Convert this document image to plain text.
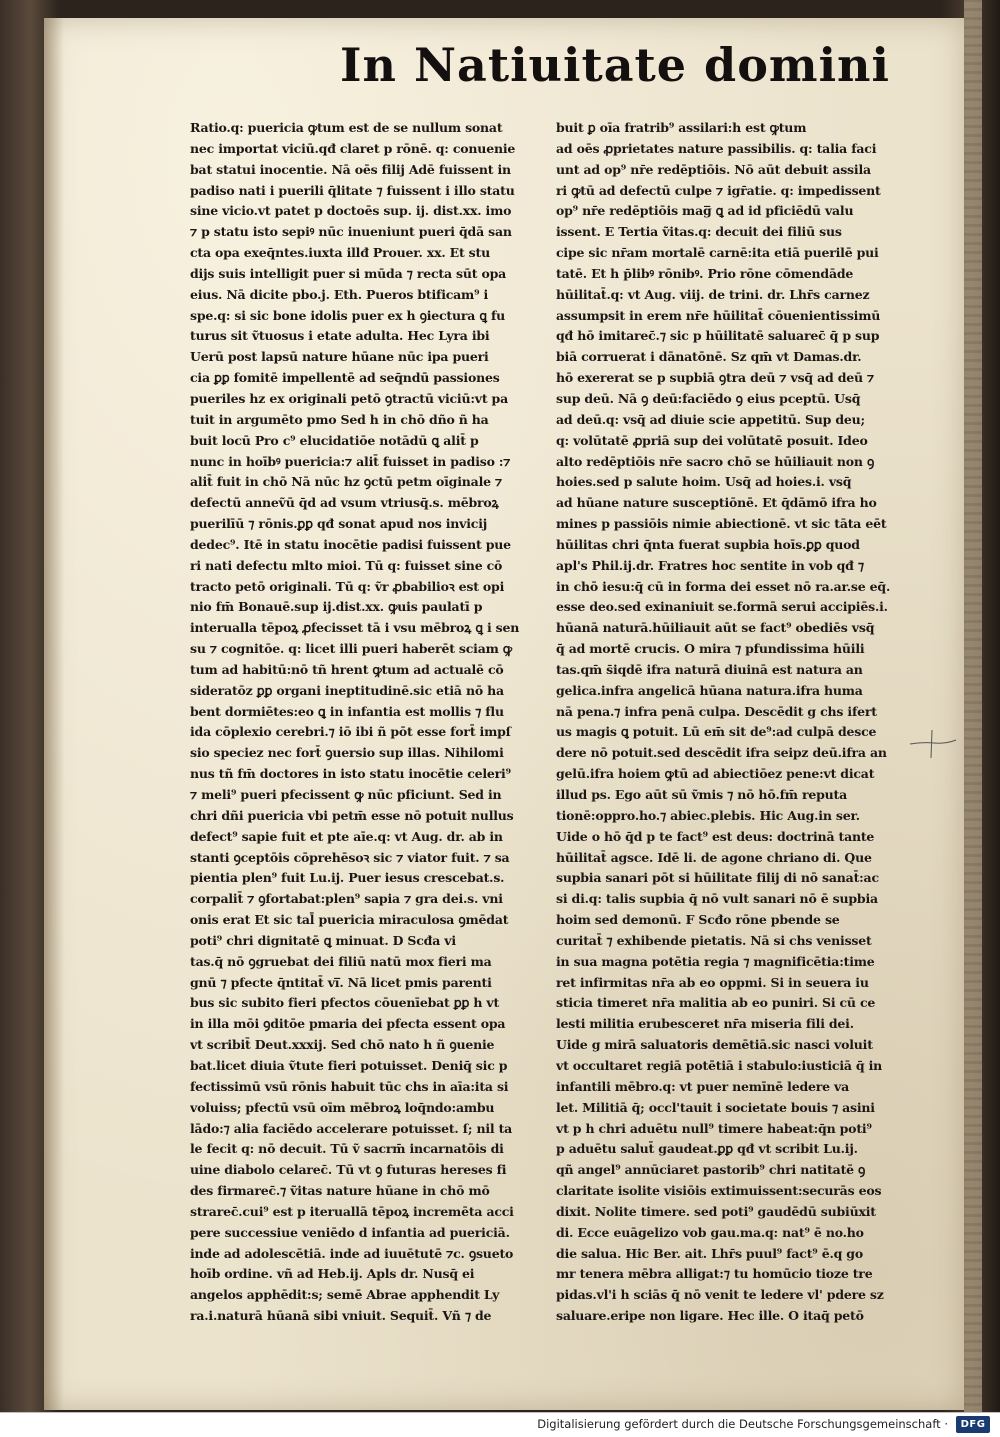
In Natiuitate domini
Ratio.q: puericia ꝙtum est de se nullum sonat
nec importat viciū.qđ claret p rōnē. q: conuenie
bat statui inocentie. Nā oēs filij Adē fuissent in
padiso nati i puerili q̄litate ⁊ fuissent i illo statu
sine vicio.vt patet p doctoēs sup. ij. dist.xx. imo
⁊ p statu isto sepiꝰ nūc inueniunt pueri q̄dā san
cta opa exeq̄ntes.iuxta illđ Prouer. xx. Et stu
dijs suis intelligit puer si mūda ⁊ recta sūt opa
eius. Nā dicite pbo.j. Eth. Pueros btificam⁹ i
spe.q: si sic bone idolis puer ex h ꝯiectura ꝗ fu
turus sit ṽtuosus i etate adulta. Hec Lyra ibi
Uerū post lapsū nature hūane nūc ipa pueri
cia ꝑꝑ fomitē impellentē ad seq̄ndū passiones
pueriles hz ex originali petō ꝯtractū viciū:vt pa
tuit in argumēto pmo Sed h in chō dño ñ ha
buit locū Pro c⁹ elucidatiōe notādū ꝗ alit̄ p
nunc in hoībꝰ puericia:⁊ alit̄ fuisset in padiso :⁊
alit̄ fuit in chō Nā nūc hz ꝯctū petm oīginale ⁊
defectū anneṽū q̄d ad vsum vtriusq̄.s. mēbroꝝ
puerilīū ⁊ rōnis.ꝑꝑ qđ sonat apud nos invicij
dedec⁹. Itē in statu inocētie padisi fuissent pue
ri nati defectu mlto mioi. Tū q: fuisset sine cō
tracto petō originali. Tū q: ṽr ꝓbabilioꝛ est opi
nio fm̄ Bonauē.sup ij.dist.xx. ꝙuis paulatī p
interualla tēpoꝝ ꝓfecisset tā i vsu mēbroꝝ ꝗ i sen
su ⁊ cognitōe. q: licet illi pueri haberēt sciam ꝙ
tum ad habitū:nō tñ hrent ꝙtum ad actualē cō
sideratōz ꝑꝑ organi ineptitudinē.sic etiā nō ha
bent dormiētes:eo ꝗ in infantia est mollis ⁊ flu
ida cōplexio cerebri.⁊ iō ibi ñ pōt esse fort̄ impſ
sio speciez nec fort̄ ꝯuersio sup illas. Nihilomi
nus tñ fm̄ doctores in isto statu inocētie celeri⁹
⁊ meli⁹ pueri pfecissent ꝙ nūc pficiunt. Sed in
chri dñi puericia vbi petm̄ esse nō potuit nullus
defect⁹ sapie fuit et pte aīe.q: vt Aug. dr. ab in
stanti ꝯceptōis cōprehēsoꝛ sic ⁊ viator fuit. ⁊ sa
pientia plen⁹ fuit Lu.ij. Puer iesus crescebat.s.
corpalit̄ ⁊ ꝯfortabat:plen⁹ sapia ⁊ gra dei.s. vni
onis erat Et sic tal̄ puericia miraculosa ꝯmēdat
poti⁹ chri dignitatē ꝗ minuat. D Scđa vi
tas.q̄ nō ꝯgruebat dei filiū natū mox fieri ma
gnū ⁊ pfecte q̄ntitat̄ vi̅. Nā licet pmis parenti
bus sic subito fieri pfectos cōuenīebat ꝑꝑ h vt
in illa mōi ꝯditōe pmaria dei pfecta essent opa
vt scribit̄ Deut.xxxij. Sed chō nato h ñ ꝯuenie
bat.licet diuia ṽtute fieri potuisset. Deniq̄ sic p
fectissimū vsū rōnis habuit tūc chs in aīa:ita si
voluiss; pfectū vsū oīm mēbroꝝ loq̄ndo:ambu
lādo:⁊ alia faciēdo accelerare potuisset. ſ; nil ta
le fecit q: nō decuit. Tū ṽ sacrm̄ incarnatōis di
uine diabolo celarec̄. Tū vt ꝯ futuras hereses fi
des firmarec̄.⁊ ṽitas nature hūane in chō mō
strarec̄.cui⁹ est p iteruallā tēpoꝝ incremēta acci
pere successiue veniēdo d infantia ad puericiā.
inde ad adolescētiā. inde ad iuuētutē ⁊c. ꝯsueto
hoīb ordine. vñ ad Heb.ij. Apls dr. Nusq̄ ei
angelos apphēdit:s; semē Abrae apphendit Ly
ra.i.naturā hūanā sibi vniuit. Sequit̄. Vñ ⁊ de
buit ꝑ oīa fratrib⁹ assilari:h est ꝙtum
ad oēs ꝓprietates nature passibilis. q: talia faci
unt ad op⁹ nr̄e redēptiōis. Nō aūt debuit assila
ri ꝙtū ad defectū culpe ⁊ igr̄atie. q: impedissent
op⁹ nr̄e redēptiōis mag̅ ꝗ ad id pficiēdū valu
issent. E Tertia ṽitas.q: decuit dei filiū sus
cipe sic nr̄am mortalē carnē:ita etiā puerilē pui
tatē. Et h p̄libꝰ rōnibꝰ. Prio rōne cōmendāde
hūilitat̄.q: vt Aug. viij. de trini. dr. Lhr̄s carnez
assumpsit in erem nr̄e hūilitat̄ cōuenientissimū
qđ hō imitarec̄.⁊ sic p hūilitatē saluarec̄ q̄ p sup
biā corruerat i dānatōnē. Sz qm̄ vt Damas.dr.
hō exererat se p supbiā ꝯtra deū ⁊ vsq̄ ad deū ⁊
sup deū. Nā ꝯ deū:faciēdo ꝯ eius pceptū. Usq̄
ad deū.q: vsq̄ ad diuie scie appetitū. Sup deu;
q: volūtatē ꝓpriā sup dei volūtatē posuit. Ideo
alto redēptiōis nr̄e sacro chō se hūiliauit non ꝯ
hoies.sed p salute hoim. Usq̄ ad hoies.i. vsq̄
ad hūane nature susceptiōnē. Et q̄dāmō ifra ho
mines p passiōis nimie abiectionē. vt sic tāta eēt
hūilitas chri q̄nta fuerat supbia hoīs.ꝑꝑ quod
apl's Phil.ij.dr. Fratres hoc sentite in vob qđ ⁊
in chō iesu:q̄ cū in forma dei esset nō ra.ar.se eq̄.
esse deo.sed exinaniuit se.formā serui accipiēs.i.
hūanā naturā.hūiliauit aūt se fact⁹ obediēs vsq̄
q̄ ad mortē crucis. O mira ⁊ pfundissima hūili
tas.qm̄ s̄iqdē ifra naturā diuinā est natura an
gelica.infra angelicā hūana natura.ifra huma
nā pena.⁊ infra penā culpa. Descēdit g chs ifert
us magis ꝗ potuit. Lū em̄ sit de⁹:ad culpā desce
dere nō potuit.sed descēdit ifra seipz deū.ifra an
gelū.ifra hoiem ꝙtū ad abiectiōez pene:vt dicat
illud ps. Ego aūt sū ṽmis ⁊ nō hō.fm̄ reputa
tionē:oppro.ho.⁊ abiec.plebis. Hic Aug.in ser.
Uide o hō q̄d p te fact⁹ est deus: doctrinā tante
hūilitat̄ agsce. Idē li. de agone chriano di. Que
supbia sanari pōt si hūilitate filij di nō sanat̄:ac
si di.q: talis supbia q̄ nō vult sanari nō ē supbia
hoim sed demonū. F Scđo rōne pbende se
curitat̄ ⁊ exhibende pietatis. Nā si chs venisset
in sua magna potētia regia ⁊ magnificētia:time
ret infirmitas nr̄a ab eo oppmi. Si in seuera iu
sticia timeret nr̄a malitia ab eo puniri. Si cū ce
lesti militia erubesceret nr̄a miseria fili dei.
Uide g mirā saluatoris demētiā.sic nasci voluit
vt occultaret regiā potētiā i stabulo:iusticiā q̄ in
infantili mēbro.q: vt puer nemīnē ledere va
let. Militiā q̄; occl'tauit i societate bouis ⁊ asini
vt p h chri aduētu null⁹ timere habeat:q̄n poti⁹
p aduētu salut̄ gaudeat.ꝑꝑ qđ vt scribit Lu.ij.
qñ angel⁹ annūciaret pastorib⁹ chri natitatē ꝯ
claritate isolite visiōis extimuissent:securās eos
dixit. Nolite timere. sed poti⁹ gaudēdū subiūxit
di. Ecce euāgelizo vob gau.ma.q: nat⁹ ē no.ho
die salua. Hic Ber. ait. Lhr̄s puul⁹ fact⁹ ē.q go
mr tenera mēbra alligat:⁊ tu homūcio tioze tre
pidas.vl'i h sciās q̄ nō venit te ledere vl' pdere sz
saluare.eripe non ligare. Hec ille. O itaq̄ petō
Digitalisierung gefördert durch die Deutsche Forschungsgemeinschaft ·	DFG
